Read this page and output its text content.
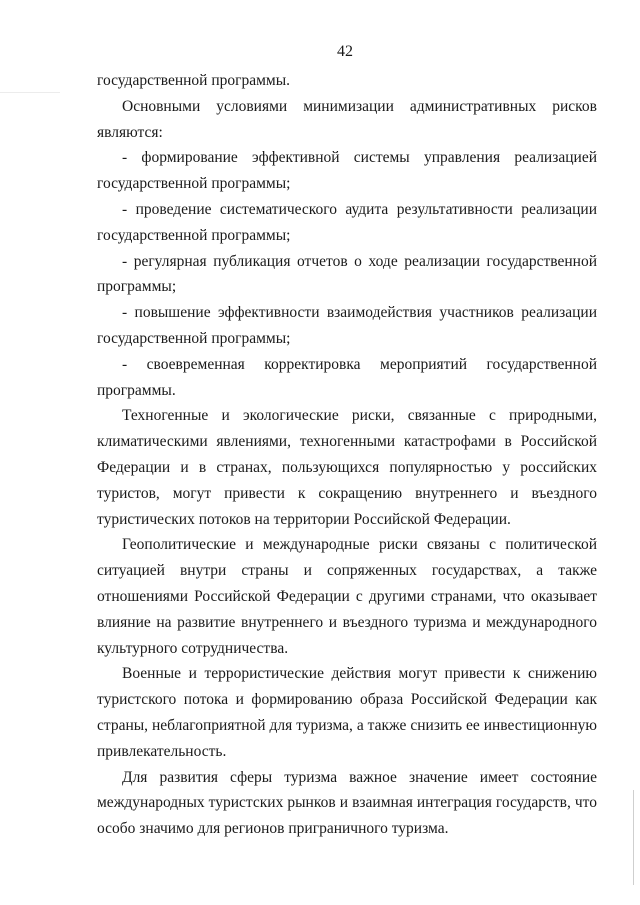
42

государственной программы.

Основными условиями минимизации административных рисков являются:

- формирование эффективной системы управления реализацией государственной программы;

- проведение систематического аудита результативности реализации государственной программы;

- регулярная публикация отчетов о ходе реализации государственной программы;

- повышение эффективности взаимодействия участников реализации государственной программы;

- своевременная корректировка мероприятий государственной программы.

Техногенные и экологические риски, связанные с природными, климатическими явлениями, техногенными катастрофами в Российской Федерации и в странах, пользующихся популярностью у российских туристов, могут привести к сокращению внутреннего и въездного туристических потоков на территории Российской Федерации.

Геополитические и международные риски связаны с политической ситуацией внутри страны и сопряженных государствах, а также отношениями Российской Федерации с другими странами, что оказывает влияние на развитие внутреннего и въездного туризма и международного культурного сотрудничества.

Военные и террористические действия могут привести к снижению туристского потока и формированию образа Российской Федерации как страны, неблагоприятной для туризма, а также снизить ее инвестиционную привлекательность.

Для развития сферы туризма важное значение имеет состояние международных туристских рынков и взаимная интеграция государств, что особо значимо для регионов приграничного туризма.
